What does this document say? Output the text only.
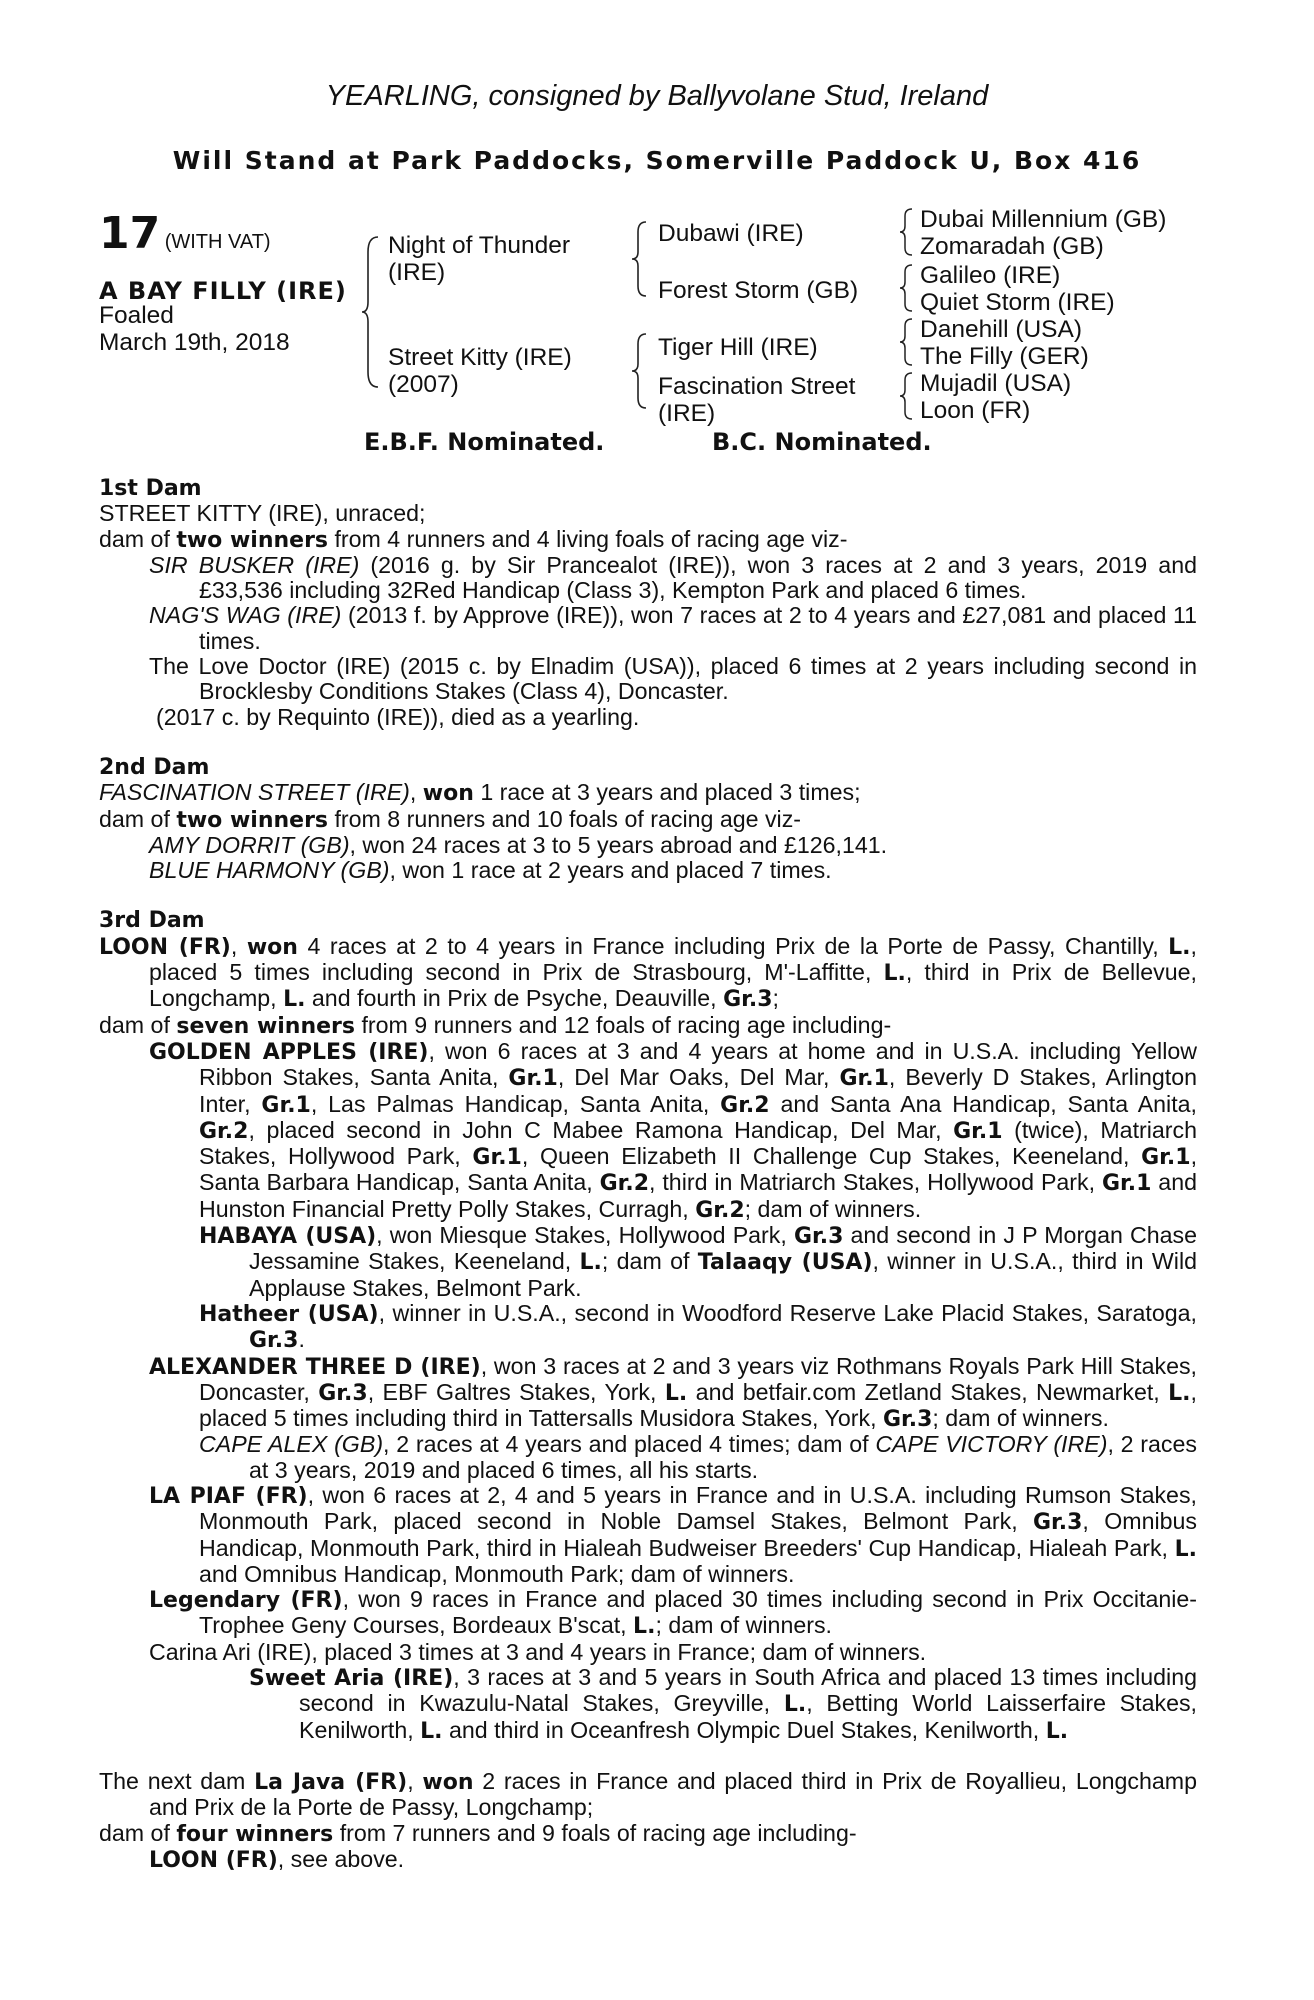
YEARLING, consigned by Ballyvolane Stud, Ireland
Will Stand at Park Paddocks, Somerville Paddock U, Box 416
17 (WITH VAT)
A BAY FILLY (IRE)
Foaled
March 19th, 2018
Night of Thunder
(IRE)
Street Kitty (IRE)
(2007)
Dubawi (IRE)
Forest Storm (GB)
Tiger Hill (IRE)
Fascination Street
(IRE)
Dubai Millennium (GB)
Zomaradah (GB)
Galileo (IRE)
Quiet Storm (IRE)
Danehill (USA)
The Filly (GER)
Mujadil (USA)
Loon (FR)
E.B.F. Nominated.	B.C. Nominated.

1st Dam

STREET KITTY (IRE), unraced;

dam of two winners from 4 runners and 4 living foals of racing age viz-

SIR BUSKER (IRE) (2016 g. by Sir Prancealot (IRE)), won 3 races at 2 and 3 years, 2019 and £33,536 including 32Red Handicap (Class 3), Kempton Park and placed 6 times.

NAG'S WAG (IRE) (2013 f. by Approve (IRE)), won 7 races at 2 to 4 years and £27,081 and placed 11 times.

The Love Doctor (IRE) (2015 c. by Elnadim (USA)), placed 6 times at 2 years including second in Brocklesby Conditions Stakes (Class 4), Doncaster.

(2017 c. by Requinto (IRE)), died as a yearling.

2nd Dam

FASCINATION STREET (IRE), won 1 race at 3 years and placed 3 times;

dam of two winners from 8 runners and 10 foals of racing age viz-

AMY DORRIT (GB), won 24 races at 3 to 5 years abroad and £126,141.

BLUE HARMONY (GB), won 1 race at 2 years and placed 7 times.

3rd Dam

LOON (FR), won 4 races at 2 to 4 years in France including Prix de la Porte de Passy, Chantilly, L., placed 5 times including second in Prix de Strasbourg, M'-Laffitte, L., third in Prix de Bellevue, Longchamp, L. and fourth in Prix de Psyche, Deauville, Gr.3;

dam of seven winners from 9 runners and 12 foals of racing age including-

GOLDEN APPLES (IRE), won 6 races at 3 and 4 years at home and in U.S.A. including Yellow Ribbon Stakes, Santa Anita, Gr.1, Del Mar Oaks, Del Mar, Gr.1, Beverly D Stakes, Arlington Inter, Gr.1, Las Palmas Handicap, Santa Anita, Gr.2 and Santa Ana Handicap, Santa Anita, Gr.2, placed second in John C Mabee Ramona Handicap, Del Mar, Gr.1 (twice), Matriarch Stakes, Hollywood Park, Gr.1, Queen Elizabeth II Challenge Cup Stakes, Keeneland, Gr.1, Santa Barbara Handicap, Santa Anita, Gr.2, third in Matriarch Stakes, Hollywood Park, Gr.1 and Hunston Financial Pretty Polly Stakes, Curragh, Gr.2; dam of winners.

HABAYA (USA), won Miesque Stakes, Hollywood Park, Gr.3 and second in J P Morgan Chase Jessamine Stakes, Keeneland, L.; dam of Talaaqy (USA), winner in U.S.A., third in Wild Applause Stakes, Belmont Park.

Hatheer (USA), winner in U.S.A., second in Woodford Reserve Lake Placid Stakes, Saratoga, Gr.3.

ALEXANDER THREE D (IRE), won 3 races at 2 and 3 years viz Rothmans Royals Park Hill Stakes, Doncaster, Gr.3, EBF Galtres Stakes, York, L. and betfair.com Zetland Stakes, Newmarket, L., placed 5 times including third in Tattersalls Musidora Stakes, York, Gr.3; dam of winners.

CAPE ALEX (GB), 2 races at 4 years and placed 4 times; dam of CAPE VICTORY (IRE), 2 races at 3 years, 2019 and placed 6 times, all his starts.

LA PIAF (FR), won 6 races at 2, 4 and 5 years in France and in U.S.A. including Rumson Stakes, Monmouth Park, placed second in Noble Damsel Stakes, Belmont Park, Gr.3, Omnibus Handicap, Monmouth Park, third in Hialeah Budweiser Breeders' Cup Handicap, Hialeah Park, L. and Omnibus Handicap, Monmouth Park; dam of winners.

Legendary (FR), won 9 races in France and placed 30 times including second in Prix Occitanie-Trophee Geny Courses, Bordeaux B'scat, L.; dam of winners.

Carina Ari (IRE), placed 3 times at 3 and 4 years in France; dam of winners.

Sweet Aria (IRE), 3 races at 3 and 5 years in South Africa and placed 13 times including second in Kwazulu-Natal Stakes, Greyville, L., Betting World Laisserfaire Stakes, Kenilworth, L. and third in Oceanfresh Olympic Duel Stakes, Kenilworth, L.

The next dam La Java (FR), won 2 races in France and placed third in Prix de Royallieu, Longchamp and Prix de la Porte de Passy, Longchamp;

dam of four winners from 7 runners and 9 foals of racing age including-

LOON (FR), see above.
